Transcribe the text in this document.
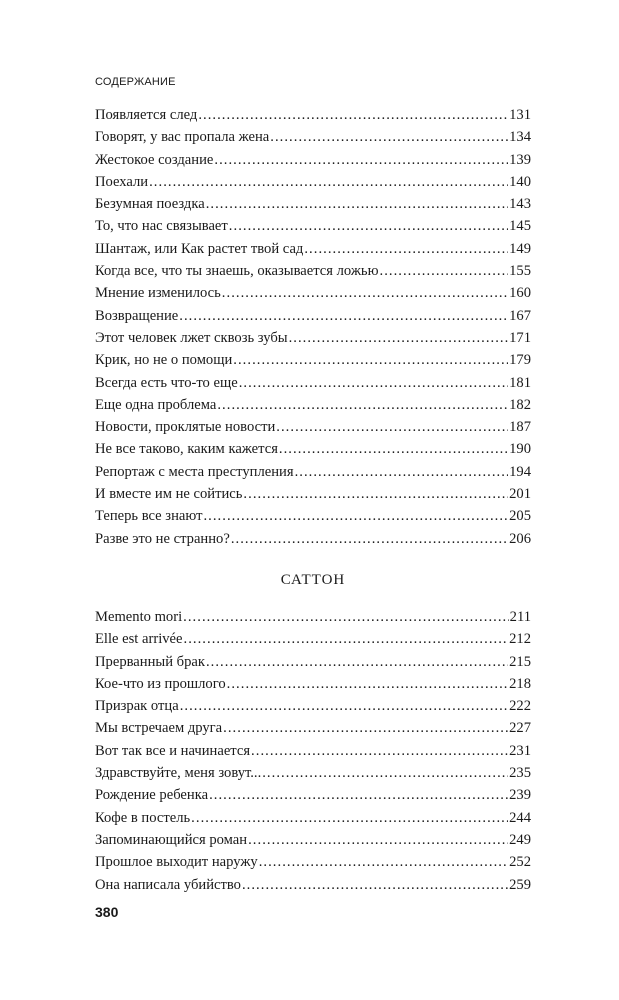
СОДЕРЖАНИЕ
Появляется след . . .	131
Говорят, у вас пропала жена . . .	134
Жестокое создание . . .	139
Поехали . . .	140
Безумная поездка . . .	143
То, что нас связывает . . .	145
Шантаж, или Как растет твой сад . . .	149
Когда все, что ты знаешь, оказывается ложью . . .	155
Мнение изменилось . . .	160
Возвращение . . .	167
Этот человек лжет сквозь зубы . . .	171
Крик, но не о помощи . . .	179
Всегда есть что-то еще . . .	181
Еще одна проблема . . .	182
Новости, проклятые новости . . .	187
Не все таково, каким кажется . . .	190
Репортаж с места преступления . . .	194
И вместе им не сойтись . . .	201
Теперь все знают . . .	205
Разве это не странно? . . .	206
САТТОН
Memento mori . . .	211
Elle est arrivée . . .	212
Прерванный брак . . .	215
Кое-что из прошлого . . .	218
Призрак отца . . .	222
Мы встречаем друга . . .	227
Вот так все и начинается . . .	231
Здравствуйте, меня зовут... . . .	235
Рождение ребенка . . .	239
Кофе в постель . . .	244
Запоминающийся роман . . .	249
Прошлое выходит наружу . . .	252
Она написала убийство . . .	259
380
